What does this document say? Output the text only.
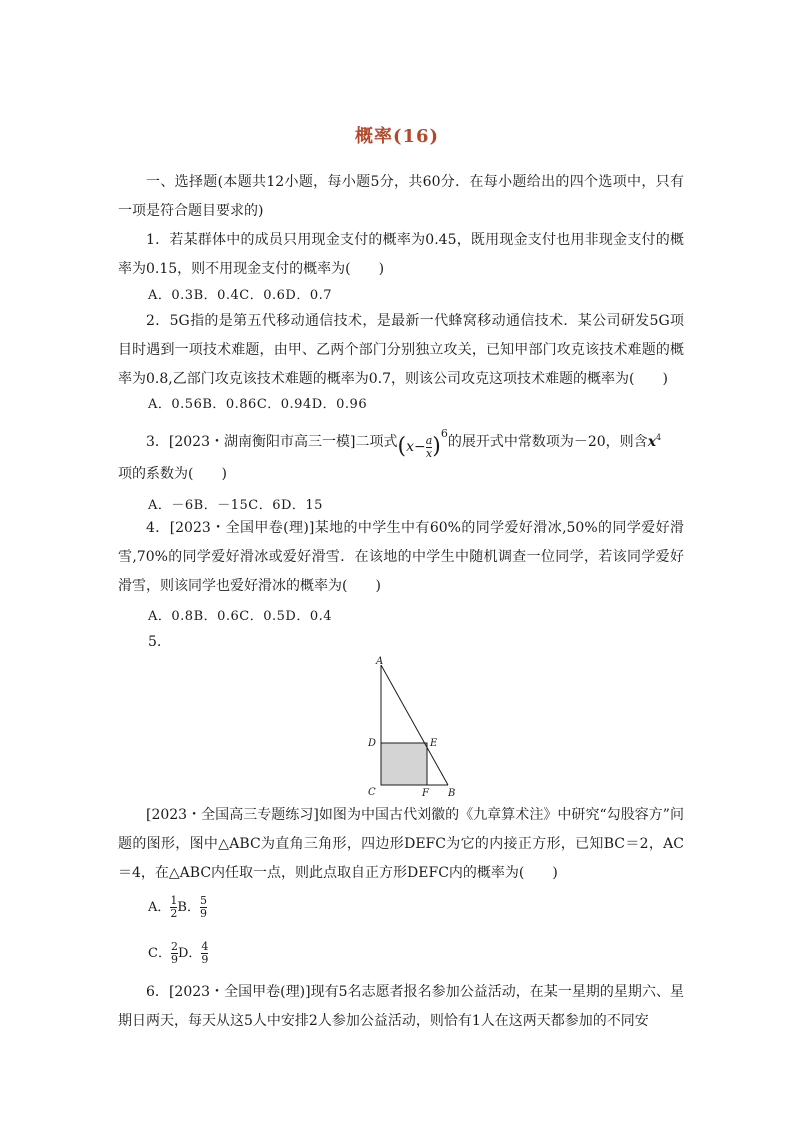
概率(16)
一、选择题(本题共12小题，每小题5分，共60分．在每小题给出的四个选项中，只有一项是符合题目要求的)
1．若某群体中的成员只用现金支付的概率为0.45，既用现金支付也用非现金支付的概率为0.15，则不用现金支付的概率为(　　)
A．0.3B．0.4C．0.6D．0.7
2．5G指的是第五代移动通信技术，是最新一代蜂窝移动通信技术．某公司研发5G项目时遇到一项技术难题，由甲、乙两个部门分别独立攻关，已知甲部门攻克该技术难题的概率为0.8,乙部门攻克该技术难题的概率为0.7，则该公司攻克这项技术难题的概率为(　　)
A．0.56B．0.86C．0.94D．0.96
3．[2023・湖南衡阳市高三一模]二项式$(x- \frac{a}{x} )^6$的展开式中常数项为－20，则含$x^4$
项的系数为(　　)
A．－6B．－15C．6D．15
4．[2023・全国甲卷(理)]某地的中学生中有60%的同学爱好滑冰,50%的同学爱好滑雪,70%的同学爱好滑冰或爱好滑雪．在该地的中学生中随机调查一位同学，若该同学爱好滑雪，则该同学也爱好滑冰的概率为(　　)
A．0.8B．0.6C．0.5D．0.4
5.
A
D	E
C	F B
[2023・全国高三专题练习]如图为中国古代刘徽的《九章算术注》中研究“勾股容方”问题的图形，图中△ABC为直角三角形，四边形DEFC为它的内接正方形，已知BC＝2，AC＝4，在△ABC内任取一点，则此点取自正方形DEFC内的概率为(　　)
A． $\frac{1}{2}$ B． $\frac{5}{9}$
C． $\frac{2}{9}$ D． $\frac{4}{9}$
6．[2023・全国甲卷(理)]现有5名志愿者报名参加公益活动，在某一星期的星期六、星期日两天，每天从这5人中安排2人参加公益活动，则恰有1人在这两天都参加的不同安
